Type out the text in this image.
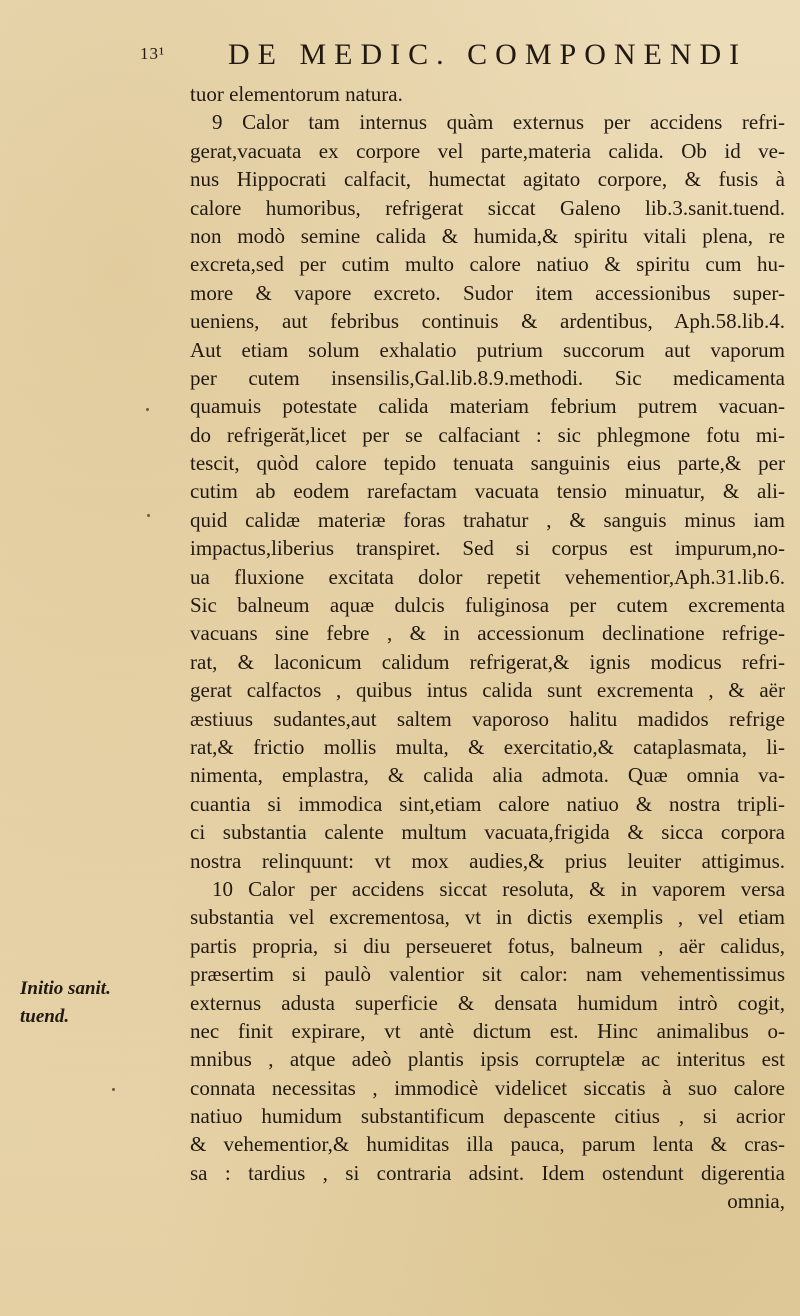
13¹ DE MEDIC. COMPONENDI
Initio sanit.
tuend.
tuor elementorum natura.
9 Calor tam internus quàm externus per accidens refri-
gerat,vacuata ex corpore vel parte,materia calida. Ob id ve-
nus Hippocrati calfacit, humectat agitato corpore, & fusis à
calore humoribus, refrigerat siccat Galeno lib.3.sanit.tuend.
non modò semine calida & humida,& spiritu vitali plena, re
excreta,sed per cutim multo calore natiuo & spiritu cum hu-
more & vapore excreto. Sudor item accessionibus super-
ueniens, aut febribus continuis & ardentibus, Aph.58.lib.4.
Aut etiam solum exhalatio putrium succorum aut vaporum
per cutem insensilis,Gal.lib.8.9.methodi. Sic medicamenta
quamuis potestate calida materiam febrium putrem vacuan-
do refrigerăt,licet per se calfaciant : sic phlegmone fotu mi-
tescit, quòd calore tepido tenuata sanguinis eius parte,& per
cutim ab eodem rarefactam vacuata tensio minuatur, & ali-
quid calidæ materiæ foras trahatur , & sanguis minus iam
impactus,liberius transpiret. Sed si corpus est impurum,no-
ua fluxione excitata dolor repetit vehementior,Aph.31.lib.6.
Sic balneum aquæ dulcis fuliginosa per cutem excrementa
vacuans sine febre , & in accessionum declinatione refrige-
rat, & laconicum calidum refrigerat,& ignis modicus refri-
gerat calfactos , quibus intus calida sunt excrementa , & aër
æstiuus sudantes,aut saltem vaporoso halitu madidos refrige
rat,& frictio mollis multa, & exercitatio,& cataplasmata, li-
nimenta, emplastra, & calida alia admota. Quæ omnia va-
cuantia si immodica sint,etiam calore natiuo & nostra tripli-
ci substantia calente multum vacuata,frigida & sicca corpora
nostra relinquunt: vt mox audies,& prius leuiter attigimus.
10 Calor per accidens siccat resoluta, & in vaporem versa
substantia vel excrementosa, vt in dictis exemplis , vel etiam
partis propria, si diu perseueret fotus, balneum , aër calidus,
præsertim si paulò valentior sit calor: nam vehementissimus
externus adusta superficie & densata humidum intrò cogit,
nec finit expirare, vt antè dictum est. Hinc animalibus o-
mnibus , atque adeò plantis ipsis corruptelæ ac interitus est
connata necessitas , immodicè videlicet siccatis à suo calore
natiuo humidum substantificum depascente citius , si acrior
& vehementior,& humiditas illa pauca, parum lenta & cras-
sa : tardius , si contraria adsint. Idem ostendunt digerentia
omnia,
